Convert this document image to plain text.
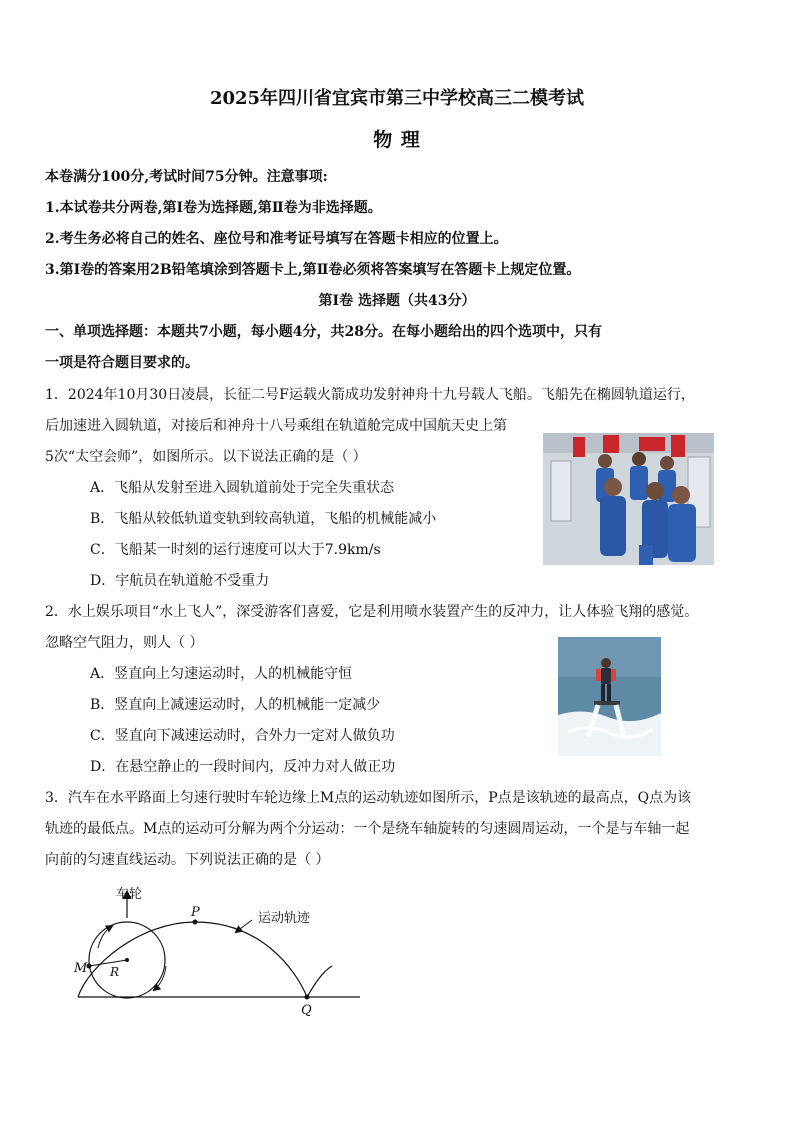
2025年四川省宜宾市第三中学校高三二模考试
物 理
本卷满分100分,考试时间75分钟。注意事项:
1.本试卷共分两卷,第Ⅰ卷为选择题,第Ⅱ卷为非选择题。
2.考生务必将自己的姓名、座位号和准考证号填写在答题卡相应的位置上。
3.第Ⅰ卷的答案用2B铅笔填涂到答题卡上,第Ⅱ卷必须将答案填写在答题卡上规定位置。
第Ⅰ卷 选择题（共43分）
一、单项选择题：本题共7小题，每小题4分，共28分。在每小题给出的四个选项中，只有
一项是符合题目要求的。
1．2024年10月30日凌晨，长征二号F运载火箭成功发射神舟十九号载人飞船。飞船先在椭圆轨道运行，
后加速进入圆轨道，对接后和神舟十八号乘组在轨道舱完成中国航天史上第
5次“太空会师”，如图所示。以下说法正确的是（ ）
A．飞船从发射至进入圆轨道前处于完全失重状态
B．飞船从较低轨道变轨到较高轨道，飞船的机械能减小
C．飞船某一时刻的运行速度可以大于7.9km/s
D．宇航员在轨道舱不受重力
2．水上娱乐项目“水上飞人”，深受游客们喜爱，它是利用喷水装置产生的反冲力，让人体验飞翔的感觉。
忽略空气阻力，则人（ ）
A．竖直向上匀速运动时，人的机械能守恒
B．竖直向上减速运动时，人的机械能一定减少
C．竖直向下减速运动时，合外力一定对人做负功
D．在悬空静止的一段时间内，反冲力对人做正功
3．汽车在水平路面上匀速行驶时车轮边缘上M点的运动轨迹如图所示，P点是该轨迹的最高点，Q点为该
轨迹的最低点。M点的运动可分解为两个分运动：一个是绕车轴旋转的匀速圆周运动，一个是与车轴一起
向前的匀速直线运动。下列说法正确的是（ ）
车轮
运动轨迹
P
Q
M R
